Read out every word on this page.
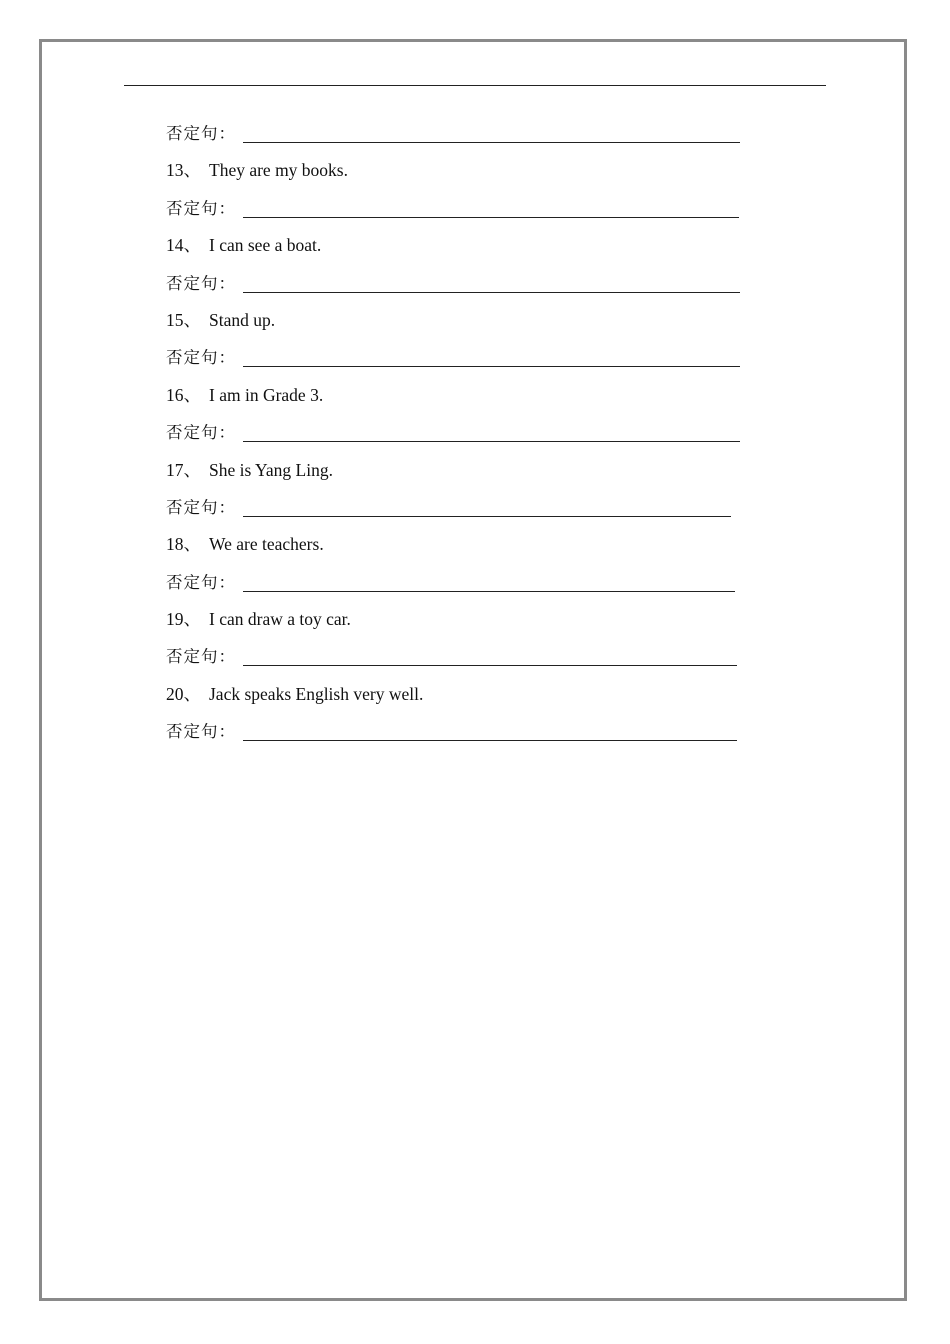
否定句：
13、 They are my books.
否定句：
14、 I can see a boat.
否定句：
15、 Stand up.
否定句：
16、 I am in Grade 3.
否定句：
17、 She is Yang Ling.
否定句：
18、 We are teachers.
否定句：
19、 I can draw a toy car.
否定句：
20、 Jack speaks English very well.
否定句：
